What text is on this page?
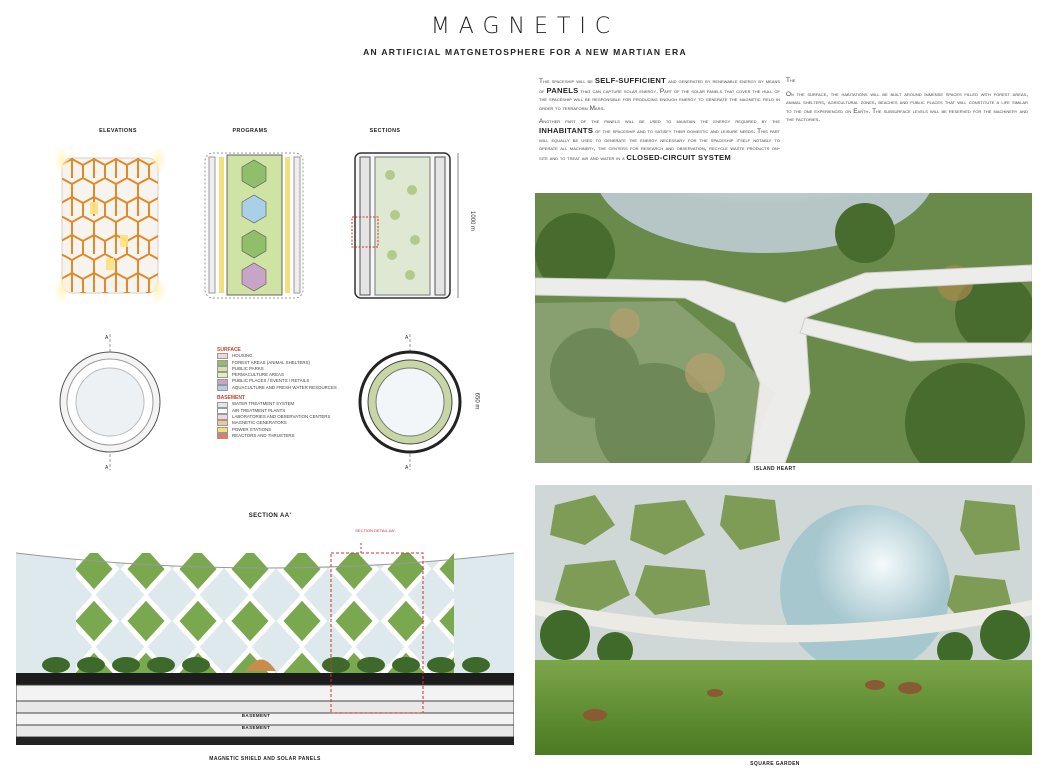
MAGNETIC
AN ARTIFICIAL MATGNETOSPHERE FOR A NEW MARTIAN ERA

This spaceship will be SELF-SUFFICIENT and generated by renewable energy by means of PANELS that can capture solar energy. Part of the solar panels that cover the hull of the spaceship will be responsible for producing enough energy to generate the magnetic field in order to terraform Mars.

Another part of the panels will be used to maintain the energy required by the INHABITANTS of the spaceship and to satisfy their domestic and leisure needs. This part will equally be used to generate the energy necessary for the spaceship itself notably to operate all machinery, the centers for research and observation, recycle waste products on-site and to treat air and water in a CLOSED-CIRCUIT SYSTEM

The

On the surface, the habitations will be built around immense spaces filled with forest areas, animal shelters, agricultural zones, beaches and public places that will constitute a life similar to the one experienced on Earth. The subsurface levels will be reserved for the machinery and the factories.

ELEVATIONS	PROGRAMS	SECTIONS
1000 m
A
A
A
A
650 m
SURFACE
HOUSING
FOREST AREAS (ANIMAL SHELTERS)
PUBLIC PARKS
PERMACULTURE AREAS
PUBLIC PLACES / EVENTS / RETAILS
AQUACULTURE AND FRESH WATER RESOURCES
BASEMENT
WATER TREATMENT SYSTEM
AIR TREATMENT PLANTS
LABORATORIES AND OBSERVATION CENTERS
MAGNETIC GENERATORS
POWER STATIONS
REACTORS AND THRUSTERS
SECTION AA'
SECTION DETAIL AA'
BASEMENT
BASEMENT
BASEMENT
MAGNETIC SHIELD AND SOLAR PANELS
ISLAND HEART
SQUARE GARDEN
